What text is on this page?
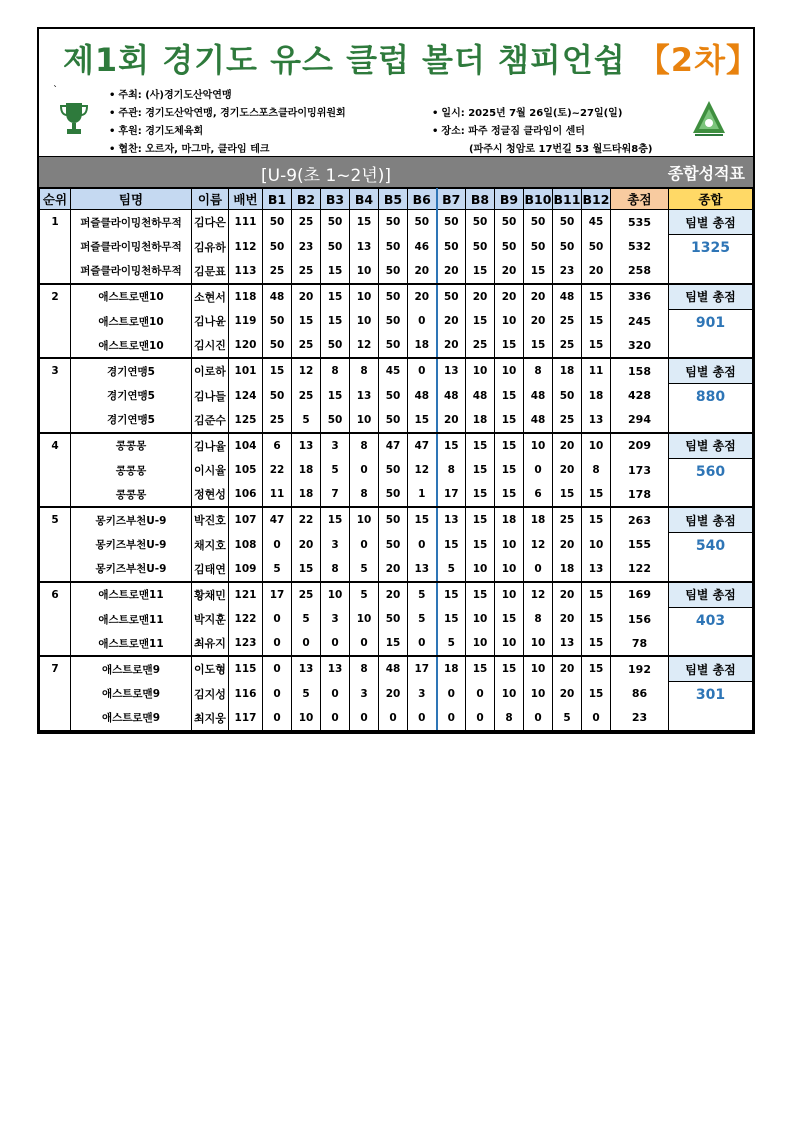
제1회 경기도 유스 클럽 볼더 챔피언쉽 【2차】
`	• 주최: (사)경기도산악연맹
• 주관: 경기도산악연맹, 경기도스포츠클라이밍위원회
• 후원: 경기도체육회
• 협찬: 오르자, 마그마, 클라임 테크
• 일시: 2025년 7월 26일(토)~27일(일)
• 장소: 파주 정글짐 클라임이 센터
(파주시 청암로 17번길 53 월드타워8층)
[U-9(초 1~2년)]	종합성적표
순위	팀명	이름	배번	B1	B2	B3	B4	B5	B6	B7	B8	B9	B10	B11	B12	총점	종합
1	퍼즐클라이밍천하무적	김다은	111	50	25	50	15	50	50	50	50	50	50	50	45	535	팀별 총점
	퍼즐클라이밍천하무적	김유하	112	50	23	50	13	50	46	50	50	50	50	50	50	532	1325
	퍼즐클라이밍천하무적	김문표	113	25	25	15	10	50	20	20	15	20	15	23	20	258	
2	애스트로맨10	소현서	118	48	20	15	10	50	20	50	20	20	20	48	15	336	팀별 총점
	애스트로맨10	김나윤	119	50	15	15	10	50	0	20	15	10	20	25	15	245	901
	애스트로맨10	김시진	120	50	25	50	12	50	18	20	25	15	15	25	15	320	
3	경기연맹5	이로하	101	15	12	8	8	45	0	13	10	10	8	18	11	158	팀별 총점
	경기연맹5	김나들	124	50	25	15	13	50	48	48	48	15	48	50	18	428	880
	경기연맹5	김준수	125	25	5	50	10	50	15	20	18	15	48	25	13	294	
4	콩콩몽	김나율	104	6	13	3	8	47	47	15	15	15	10	20	10	209	팀별 총점
	콩콩몽	이시율	105	22	18	5	0	50	12	8	15	15	0	20	8	173	560
	콩콩몽	정현성	106	11	18	7	8	50	1	17	15	15	6	15	15	178	
5	몽키즈부천U-9	박진호	107	47	22	15	10	50	15	13	15	18	18	25	15	263	팀별 총점
	몽키즈부천U-9	채지호	108	0	20	3	0	50	0	15	15	10	12	20	10	155	540
	몽키즈부천U-9	김태연	109	5	15	8	5	20	13	5	10	10	0	18	13	122	
6	애스트로맨11	황채민	121	17	25	10	5	20	5	15	15	10	12	20	15	169	팀별 총점
	애스트로맨11	박지훈	122	0	5	3	10	50	5	15	10	15	8	20	15	156	403
	애스트로맨11	최유지	123	0	0	0	0	15	0	5	10	10	10	13	15	78	
7	애스트로맨9	이도형	115	0	13	13	8	48	17	18	15	15	10	20	15	192	팀별 총점
	애스트로맨9	김지성	116	0	5	0	3	20	3	0	0	10	10	20	15	86	301
	애스트로맨9	최지웅	117	0	10	0	0	0	0	0	0	8	0	5	0	23	
